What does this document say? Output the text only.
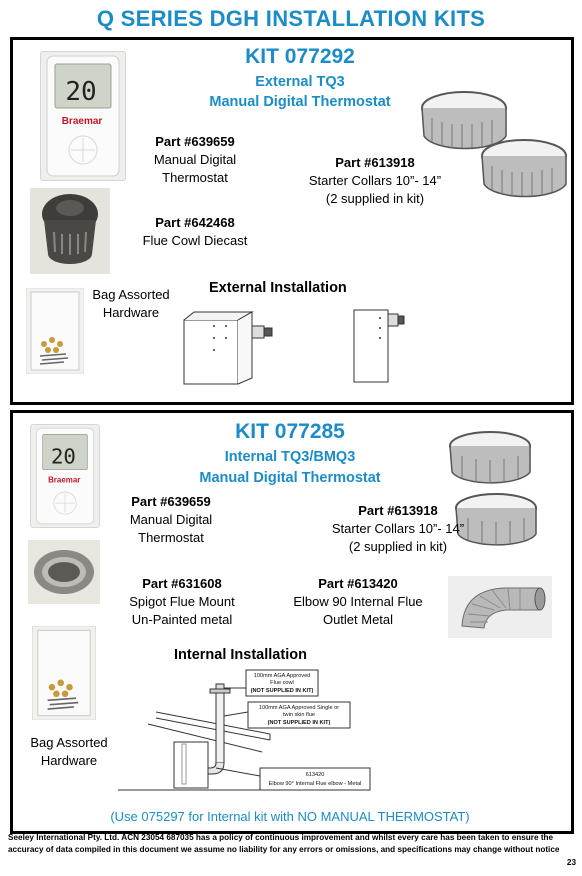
Q SERIES DGH INSTALLATION KITS
KIT 077292
External TQ3
Manual Digital Thermostat
20
Braemar
Part #639659
Manual Digital
Thermostat
Part #613918
Starter Collars 10”- 14”
(2 supplied in kit)
Part #642468
Flue Cowl Diecast
Bag Assorted
Hardware
External Installation
KIT 077285
Internal TQ3/BMQ3
Manual Digital Thermostat
20
Braemar
Part #639659
Manual Digital
Thermostat
Part #613918
Starter Collars 10”- 14”
(2 supplied in kit)
Part #631608
Spigot Flue Mount
Un-Painted metal
Part #613420
Elbow 90 Internal Flue
Outlet Metal
Bag Assorted
Hardware
Internal Installation
100mm AGA Approved
Flue cowl
(NOT SUPPLIED IN KIT)
100mm AGA Approved Single or
twin skin flue
(NOT SUPPLIED IN KIT)
613420
Elbow 90° Internal Flue elbow - Metal
(Use 075297 for Internal kit with NO MANUAL THERMOSTAT)
Seeley International Pty. Ltd. ACN 23054 687035 has a policy of continuous improvement and whilst every care has been taken to ensure the
accuracy of data compiled in this document we assume no liability for any errors or omissions, and specifications may change without notice
23
